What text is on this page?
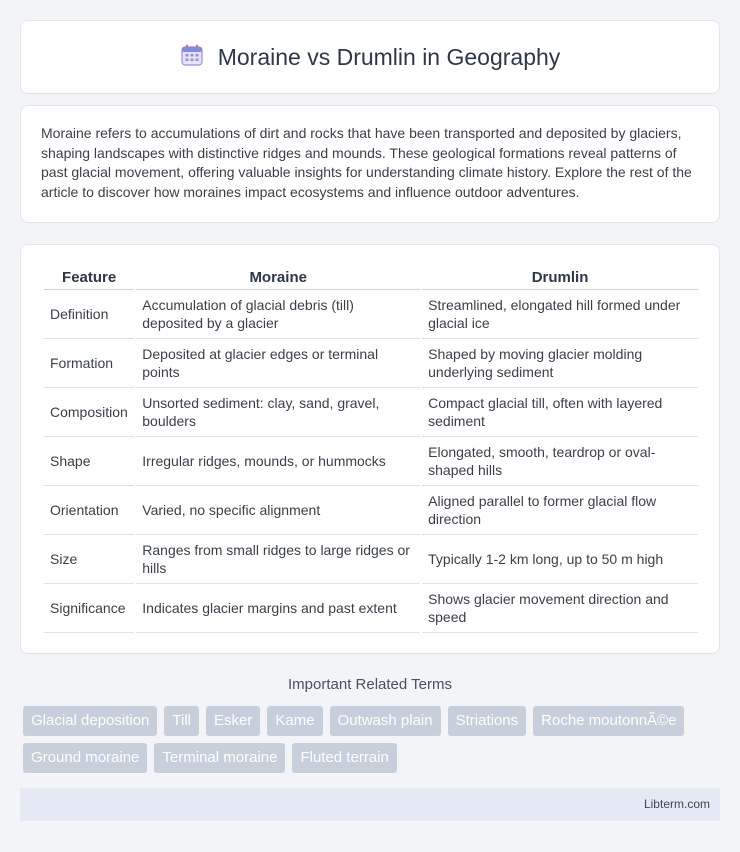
Moraine vs Drumlin in Geography

Moraine refers to accumulations of dirt and rocks that have been transported and deposited by glaciers, shaping landscapes with distinctive ridges and mounds. These geological formations reveal patterns of past glacial movement, offering valuable insights for understanding climate history. Explore the rest of the article to discover how moraines impact ecosystems and influence outdoor adventures.

Feature	Moraine	Drumlin
Definition	Accumulation of glacial debris (till) deposited by a glacier	Streamlined, elongated hill formed under glacial ice
Formation	Deposited at glacier edges or terminal points	Shaped by moving glacier molding underlying sediment
Composition	Unsorted sediment: clay, sand, gravel, boulders	Compact glacial till, often with layered sediment
Shape	Irregular ridges, mounds, or hummocks	Elongated, smooth, teardrop or oval-shaped hills
Orientation	Varied, no specific alignment	Aligned parallel to former glacial flow direction
Size	Ranges from small ridges to large ridges or hills	Typically 1-2 km long, up to 50 m high
Significance	Indicates glacier margins and past extent	Shows glacier movement direction and speed
Important Related Terms
Glacial deposition	Till	Esker	Kame	Outwash plain	Striations	Roche moutonnÃ©e
Ground moraine	Terminal moraine	Fluted terrain
Libterm.com
